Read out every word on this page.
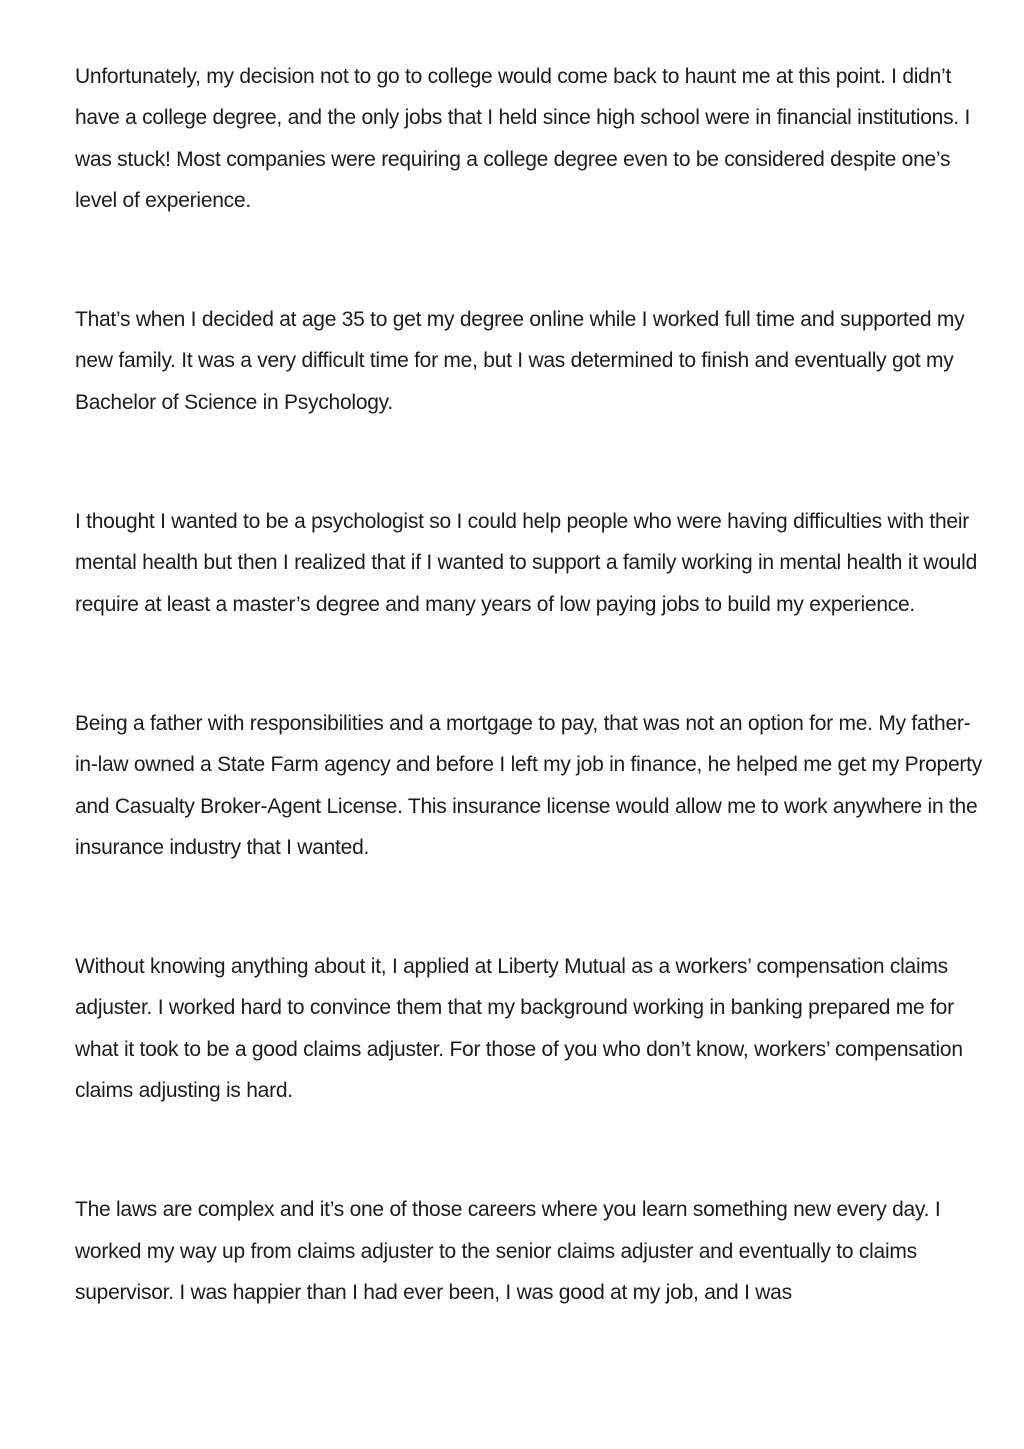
Unfortunately, my decision not to go to college would come back to haunt me at this point. I didn’t have a college degree, and the only jobs that I held since high school were in financial institutions. I was stuck! Most companies were requiring a college degree even to be considered despite one’s level of experience.

That’s when I decided at age 35 to get my degree online while I worked full time and supported my new family. It was a very difficult time for me, but I was determined to finish and eventually got my Bachelor of Science in Psychology.

I thought I wanted to be a psychologist so I could help people who were having difficulties with their mental health but then I realized that if I wanted to support a family working in mental health it would require at least a master’s degree and many years of low paying jobs to build my experience.

Being a father with responsibilities and a mortgage to pay, that was not an option for me. My father-in-law owned a State Farm agency and before I left my job in finance, he helped me get my Property and Casualty Broker-Agent License. This insurance license would allow me to work anywhere in the insurance industry that I wanted.

Without knowing anything about it, I applied at Liberty Mutual as a workers’ compensation claims adjuster. I worked hard to convince them that my background working in banking prepared me for what it took to be a good claims adjuster. For those of you who don’t know, workers’ compensation claims adjusting is hard.

The laws are complex and it’s one of those careers where you learn something new every day. I worked my way up from claims adjuster to the senior claims adjuster and eventually to claims supervisor. I was happier than I had ever been, I was good at my job, and I was
